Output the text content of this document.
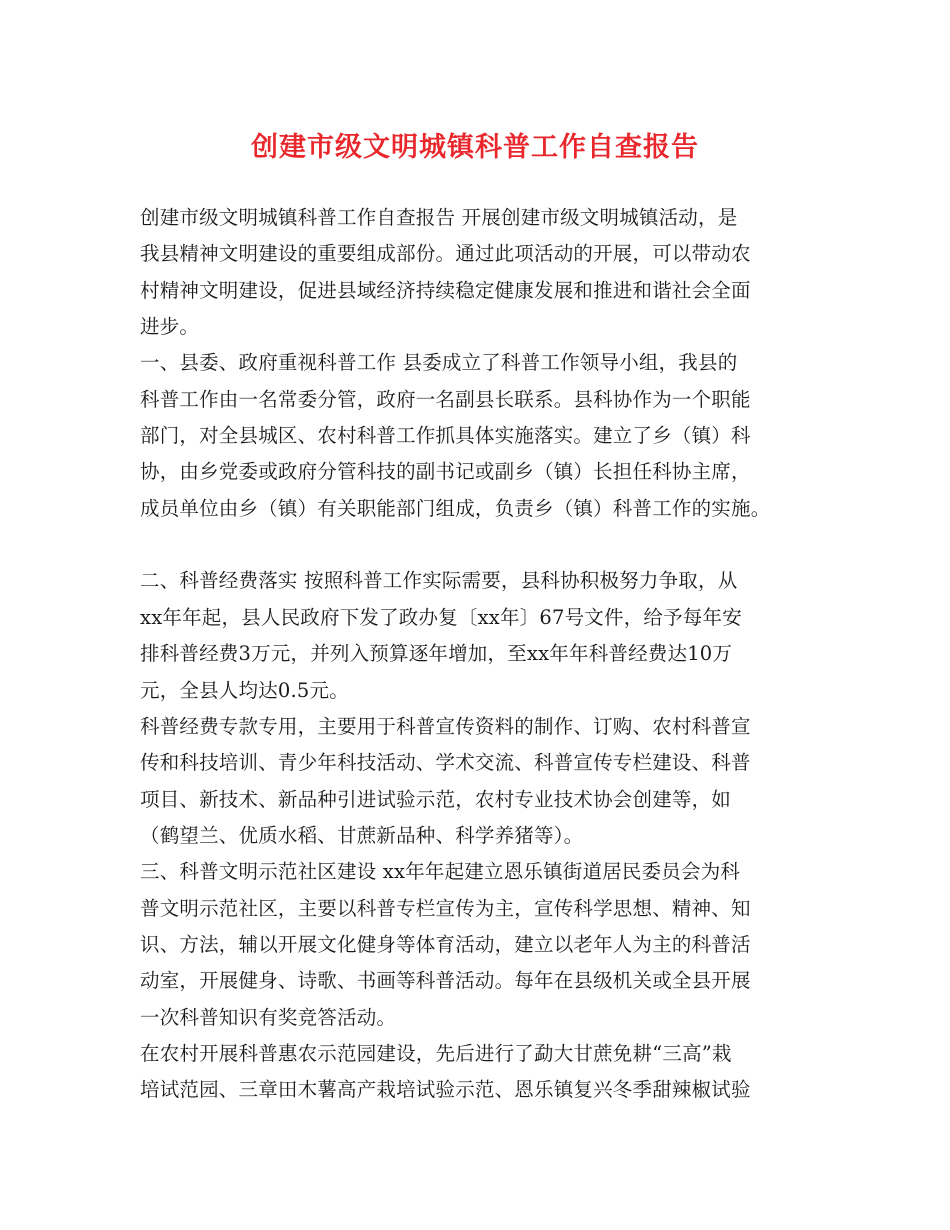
创建市级文明城镇科普工作自查报告
创建市级文明城镇科普工作自查报告 开展创建市级文明城镇活动，是
我县精神文明建设的重要组成部份。通过此项活动的开展，可以带动农
村精神文明建设，促进县域经济持续稳定健康发展和推进和谐社会全面
进步。
一、县委、政府重视科普工作 县委成立了科普工作领导小组，我县的
科普工作由一名常委分管，政府一名副县长联系。县科协作为一个职能
部门，对全县城区、农村科普工作抓具体实施落实。建立了乡（镇）科
协，由乡党委或政府分管科技的副书记或副乡（镇）长担任科协主席，
成员单位由乡（镇）有关职能部门组成，负责乡（镇）科普工作的实施。
二、科普经费落实 按照科普工作实际需要，县科协积极努力争取，从
xx年年起，县人民政府下发了政办复〔xx年〕67号文件，给予每年安
排科普经费3万元，并列入预算逐年增加，至xx年年科普经费达10万
元，全县人均达0.5元。
科普经费专款专用，主要用于科普宣传资料的制作、订购、农村科普宣
传和科技培训、青少年科技活动、学术交流、科普宣传专栏建设、科普
项目、新技术、新品种引进试验示范，农村专业技术协会创建等，如
（鹤望兰、优质水稻、甘蔗新品种、科学养猪等）。
三、科普文明示范社区建设 xx年年起建立恩乐镇街道居民委员会为科
普文明示范社区，主要以科普专栏宣传为主，宣传科学思想、精神、知
识、方法，辅以开展文化健身等体育活动，建立以老年人为主的科普活
动室，开展健身、诗歌、书画等科普活动。每年在县级机关或全县开展
一次科普知识有奖竞答活动。
在农村开展科普惠农示范园建设，先后进行了勐大甘蔗免耕“三高”栽
培试范园、三章田木薯高产栽培试验示范、恩乐镇复兴冬季甜辣椒试验
